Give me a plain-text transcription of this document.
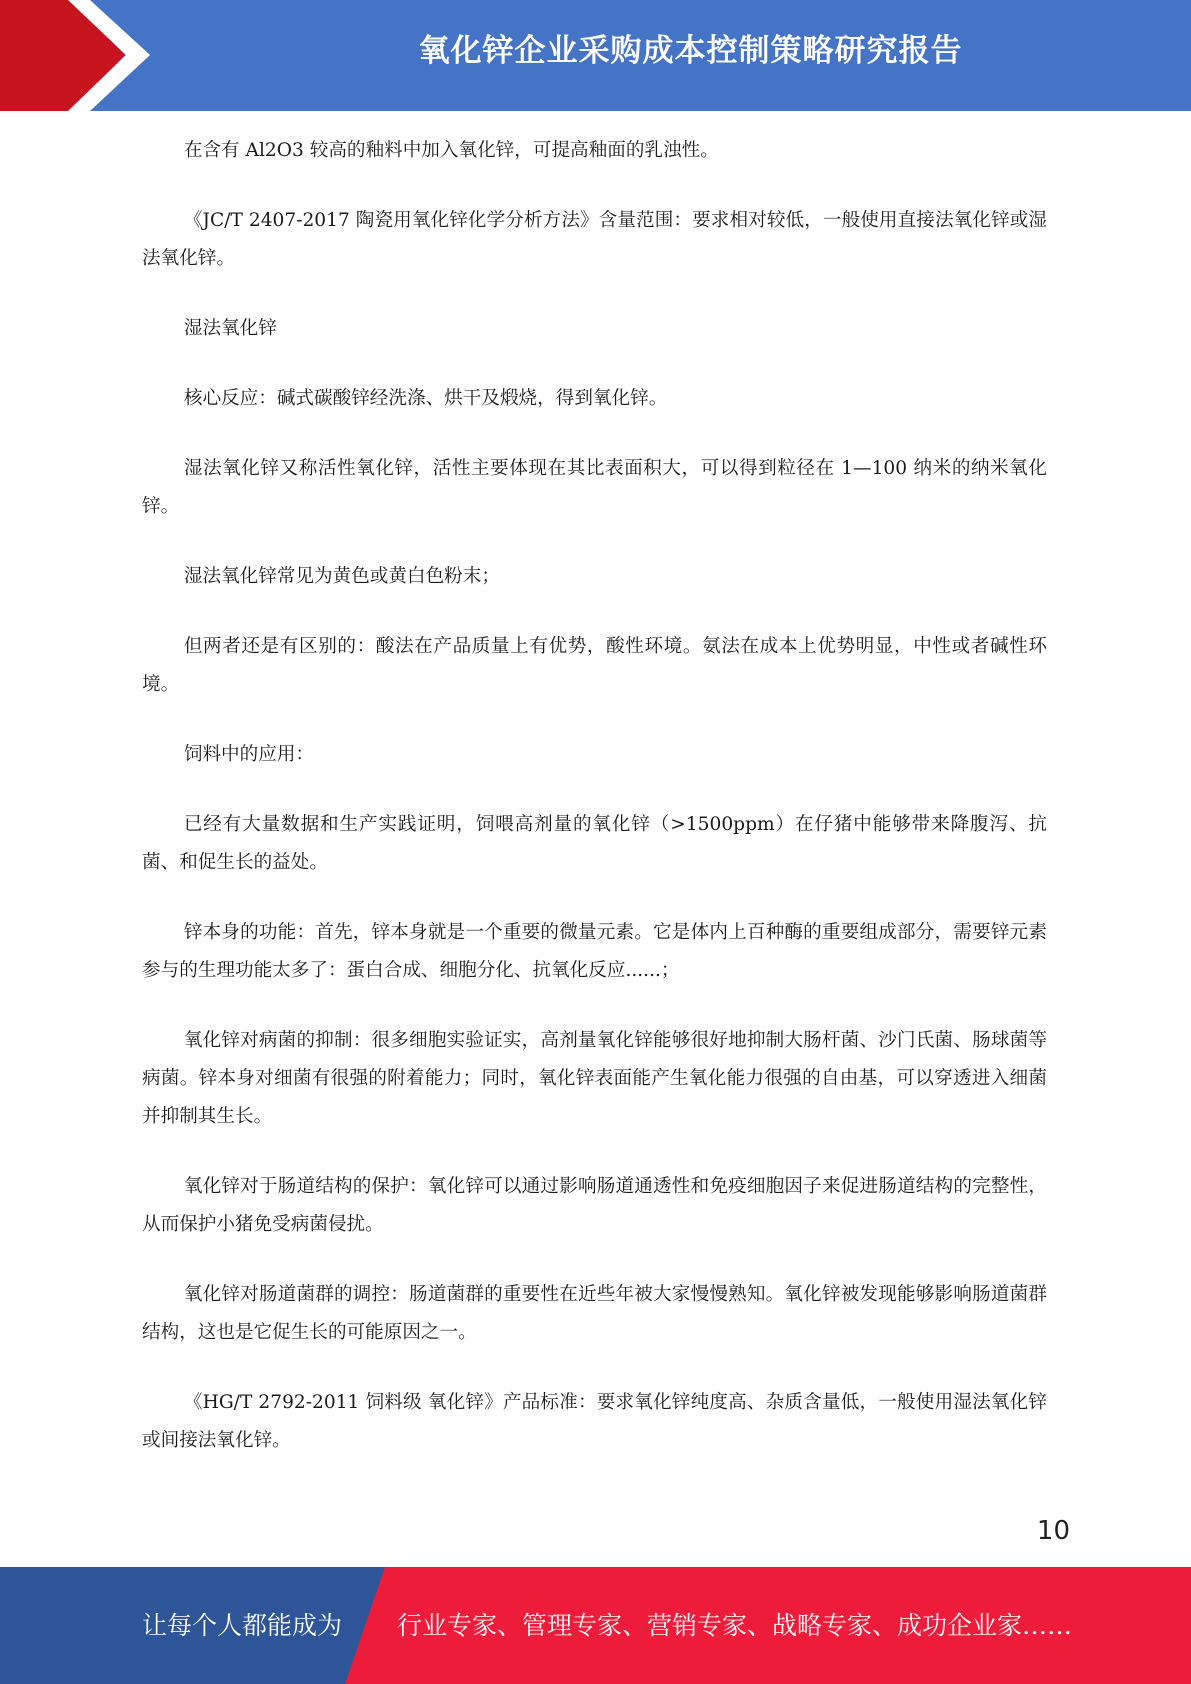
氧化锌企业采购成本控制策略研究报告

在含有 Al2O3 较高的釉料中加入氧化锌，可提高釉面的乳浊性。

《JC/T 2407-2017 陶瓷用氧化锌化学分析方法》含量范围：要求相对较低，一般使用直接法氧化锌或湿法氧化锌。

湿法氧化锌

核心反应：碱式碳酸锌经洗涤、烘干及煅烧，得到氧化锌。

湿法氧化锌又称活性氧化锌，活性主要体现在其比表面积大，可以得到粒径在 1—100 纳米的纳米氧化锌。

湿法氧化锌常见为黄色或黄白色粉末；

但两者还是有区别的：酸法在产品质量上有优势，酸性环境。氨法在成本上优势明显，中性或者碱性环境。

饲料中的应用：

已经有大量数据和生产实践证明，饲喂高剂量的氧化锌（>1500ppm）在仔猪中能够带来降腹泻、抗菌、和促生长的益处。

锌本身的功能：首先，锌本身就是一个重要的微量元素。它是体内上百种酶的重要组成部分，需要锌元素参与的生理功能太多了：蛋白合成、细胞分化、抗氧化反应......；

氧化锌对病菌的抑制：很多细胞实验证实，高剂量氧化锌能够很好地抑制大肠杆菌、沙门氏菌、肠球菌等病菌。锌本身对细菌有很强的附着能力；同时，氧化锌表面能产生氧化能力很强的自由基，可以穿透进入细菌并抑制其生长。

氧化锌对于肠道结构的保护：氧化锌可以通过影响肠道通透性和免疫细胞因子来促进肠道结构的完整性，从而保护小猪免受病菌侵扰。

氧化锌对肠道菌群的调控：肠道菌群的重要性在近些年被大家慢慢熟知。氧化锌被发现能够影响肠道菌群结构，这也是它促生长的可能原因之一。

《HG/T 2792-2011 饲料级 氧化锌》产品标准：要求氧化锌纯度高、杂质含量低，一般使用湿法氧化锌或间接法氧化锌。

10
让每个人都能成为 行业专家、管理专家、营销专家、战略专家、成功企业家……
